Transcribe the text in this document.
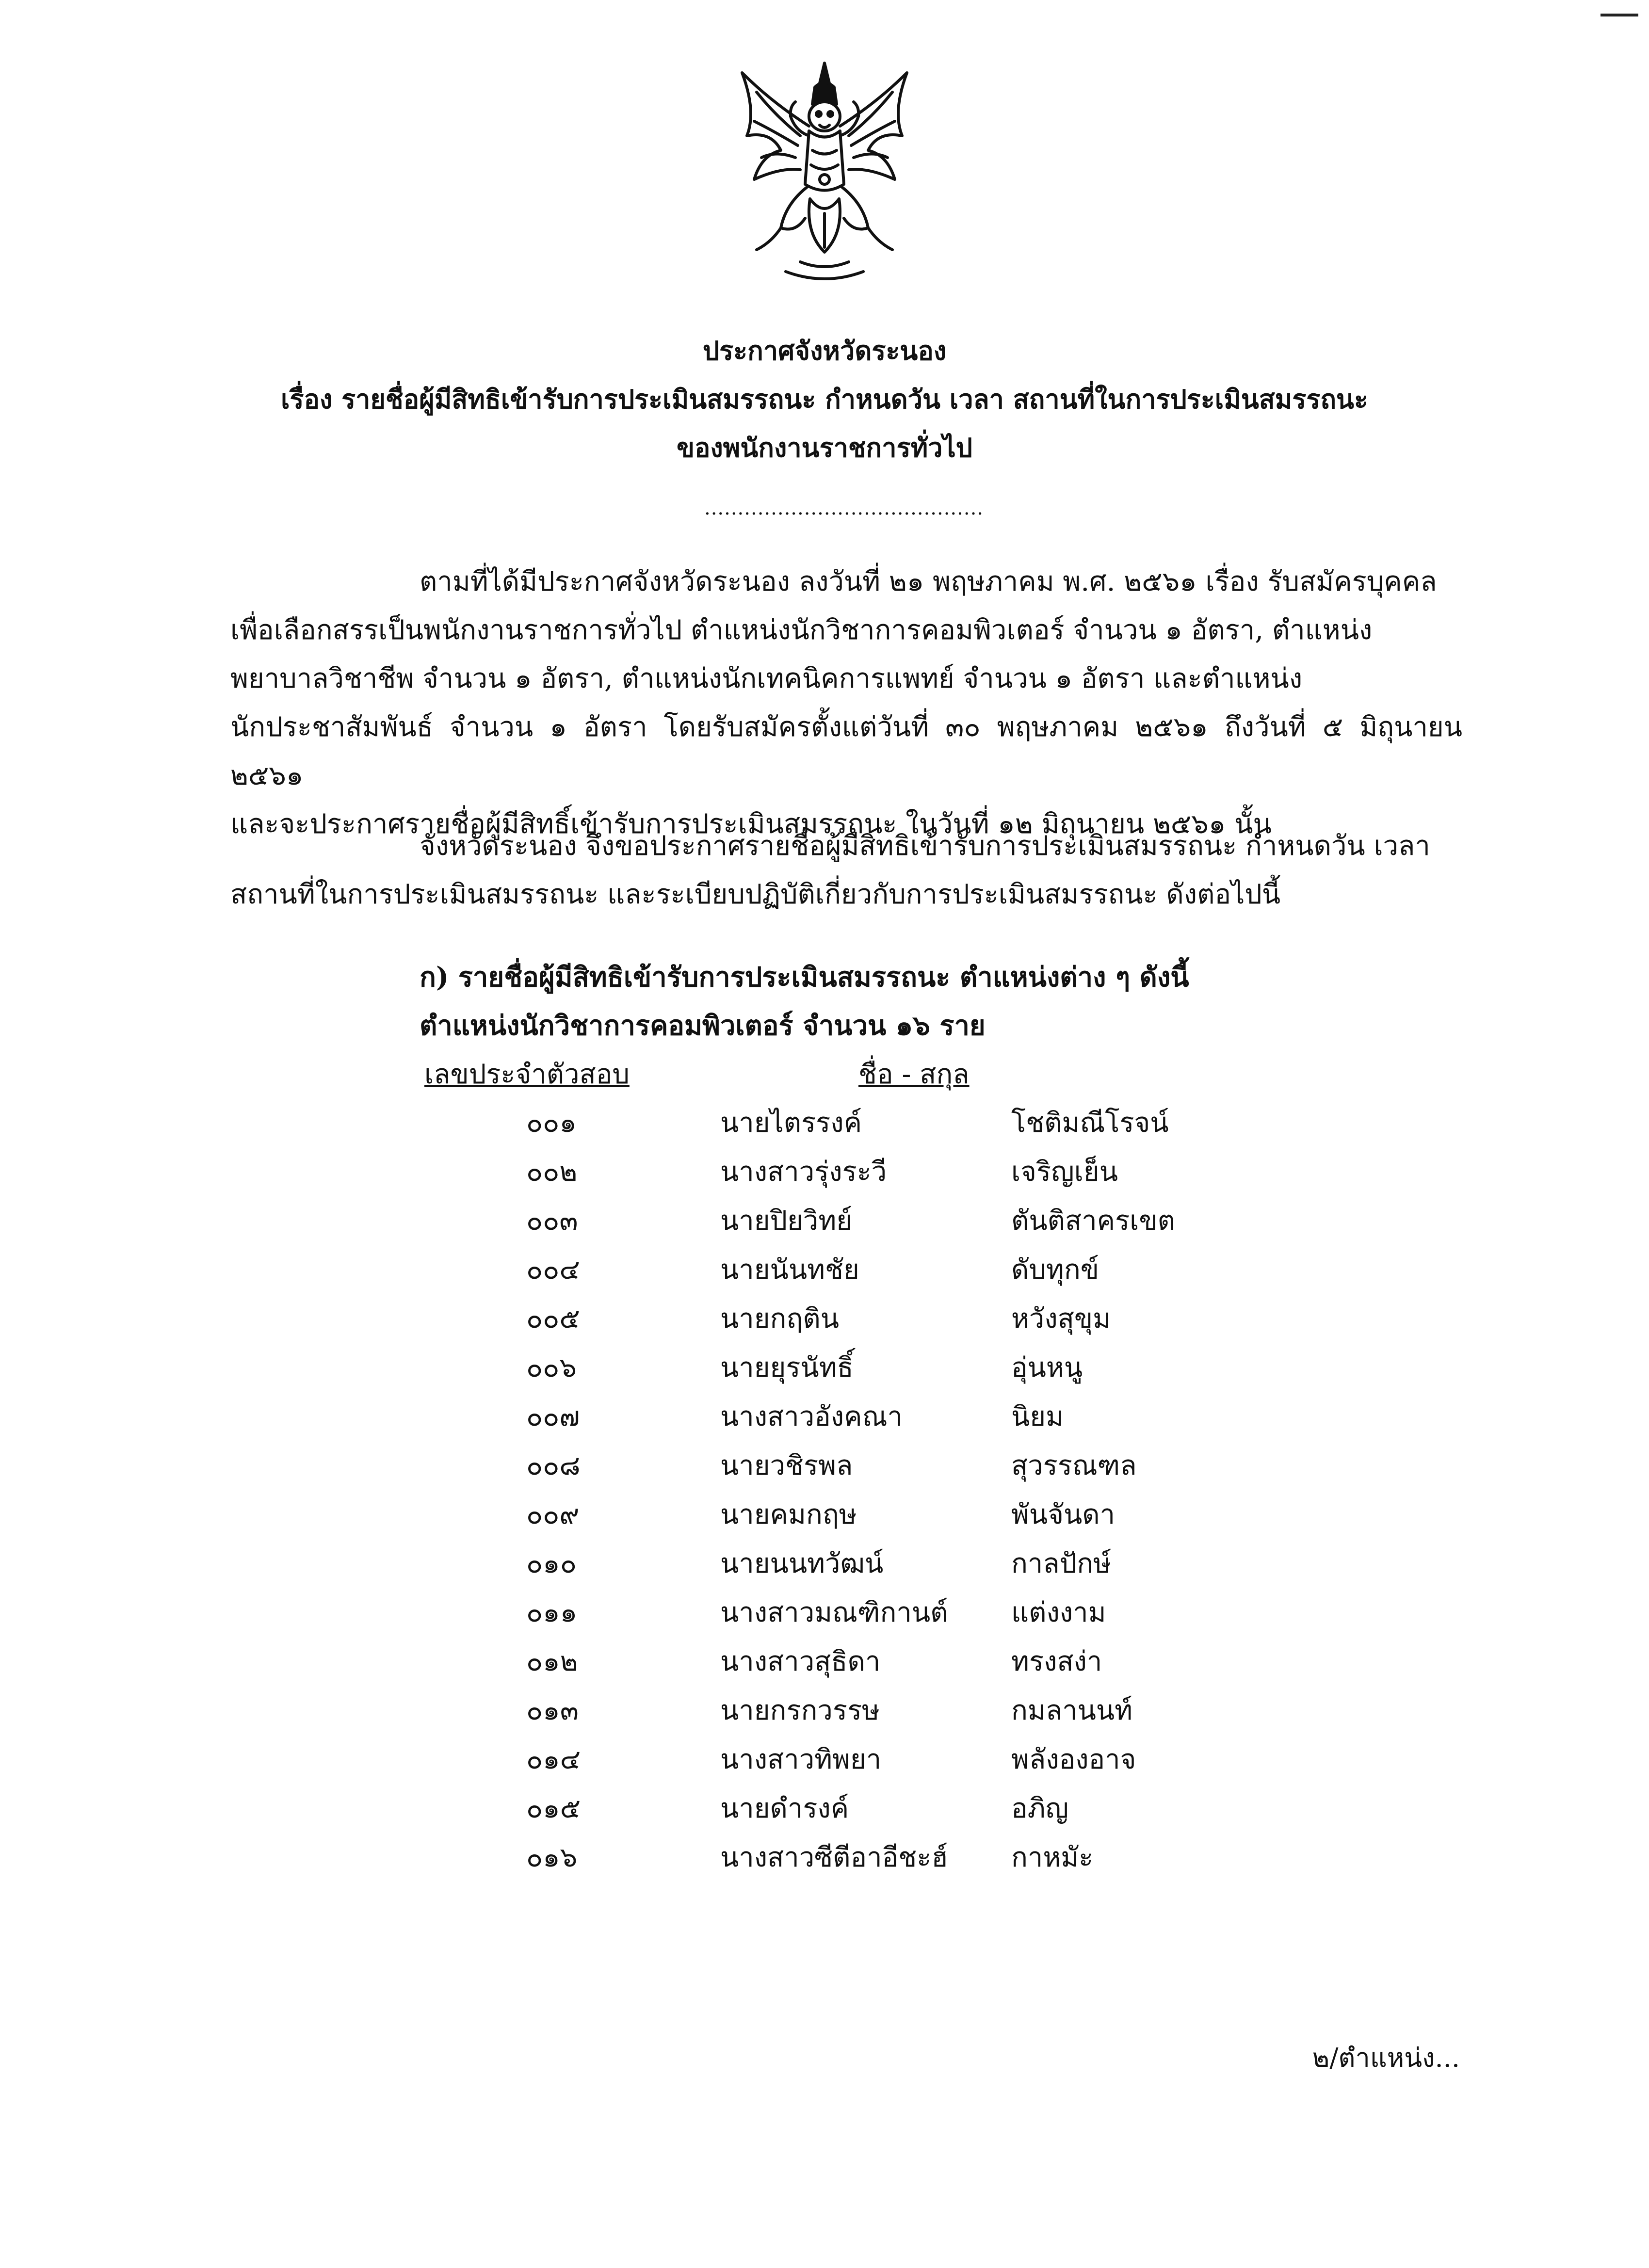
ประกาศจังหวัดระนอง
เรื่อง รายชื่อผู้มีสิทธิเข้ารับการประเมินสมรรถนะ กำหนดวัน เวลา สถานที่ในการประเมินสมรรถนะ
ของพนักงานราชการทั่วไป
..........................................
ตามที่ได้มีประกาศจังหวัดระนอง ลงวันที่ ๒๑ พฤษภาคม พ.ศ. ๒๕๖๑ เรื่อง รับสมัครบุคคล
เพื่อเลือกสรรเป็นพนักงานราชการทั่วไป ตำแหน่งนักวิชาการคอมพิวเตอร์ จำนวน ๑ อัตรา, ตำแหน่ง
พยาบาลวิชาชีพ จำนวน ๑ อัตรา, ตำแหน่งนักเทคนิคการแพทย์ จำนวน ๑ อัตรา และตำแหน่ง
นักประชาสัมพันธ์ จำนวน ๑ อัตรา โดยรับสมัครตั้งแต่วันที่ ๓๐ พฤษภาคม ๒๕๖๑ ถึงวันที่ ๕ มิถุนายน ๒๕๖๑
และจะประกาศรายชื่อผู้มีสิทธิ์เข้ารับการประเมินสมรรถนะ ในวันที่ ๑๒ มิถุนายน ๒๕๖๑ นั้น
จังหวัดระนอง จึงขอประกาศรายชื่อผู้มีสิทธิเข้ารับการประเมินสมรรถนะ กำหนดวัน เวลา
สถานที่ในการประเมินสมรรถนะ และระเบียบปฏิบัติเกี่ยวกับการประเมินสมรรถนะ ดังต่อไปนี้
ก) รายชื่อผู้มีสิทธิเข้ารับการประเมินสมรรถนะ ตำแหน่งต่าง ๆ ดังนี้
ตำแหน่งนักวิชาการคอมพิวเตอร์ จำนวน ๑๖ ราย
เลขประจำตัวสอบ	ชื่อ - สกุล
๐๐๑	นายไตรรงค์	โชติมณีโรจน์
๐๐๒	นางสาวรุ่งระวี	เจริญเย็น
๐๐๓	นายปิยวิทย์	ตันติสาครเขต
๐๐๔	นายนันทชัย	ดับทุกข์
๐๐๕	นายกฤติน	หวังสุขุม
๐๐๖	นายยุรนัทธิ์	อุ่นหนู
๐๐๗	นางสาวอังคณา	นิยม
๐๐๘	นายวชิรพล	สุวรรณฑล
๐๐๙	นายคมกฤษ	พันจันดา
๐๑๐	นายนนทวัฒน์	กาลปักษ์
๐๑๑	นางสาวมณฑิกานต์ แต่งงาม
๐๑๒	นางสาวสุธิดา	ทรงสง่า
๐๑๓	นายกรกวรรษ	กมลานนท์
๐๑๔	นางสาวทิพยา	พลังองอาจ
๐๑๕	นายดำรงค์	อภิญ
๐๑๖	นางสาวซีตีอาอีชะฮ์ กาหมัะ
๒/ตำแหน่ง...
